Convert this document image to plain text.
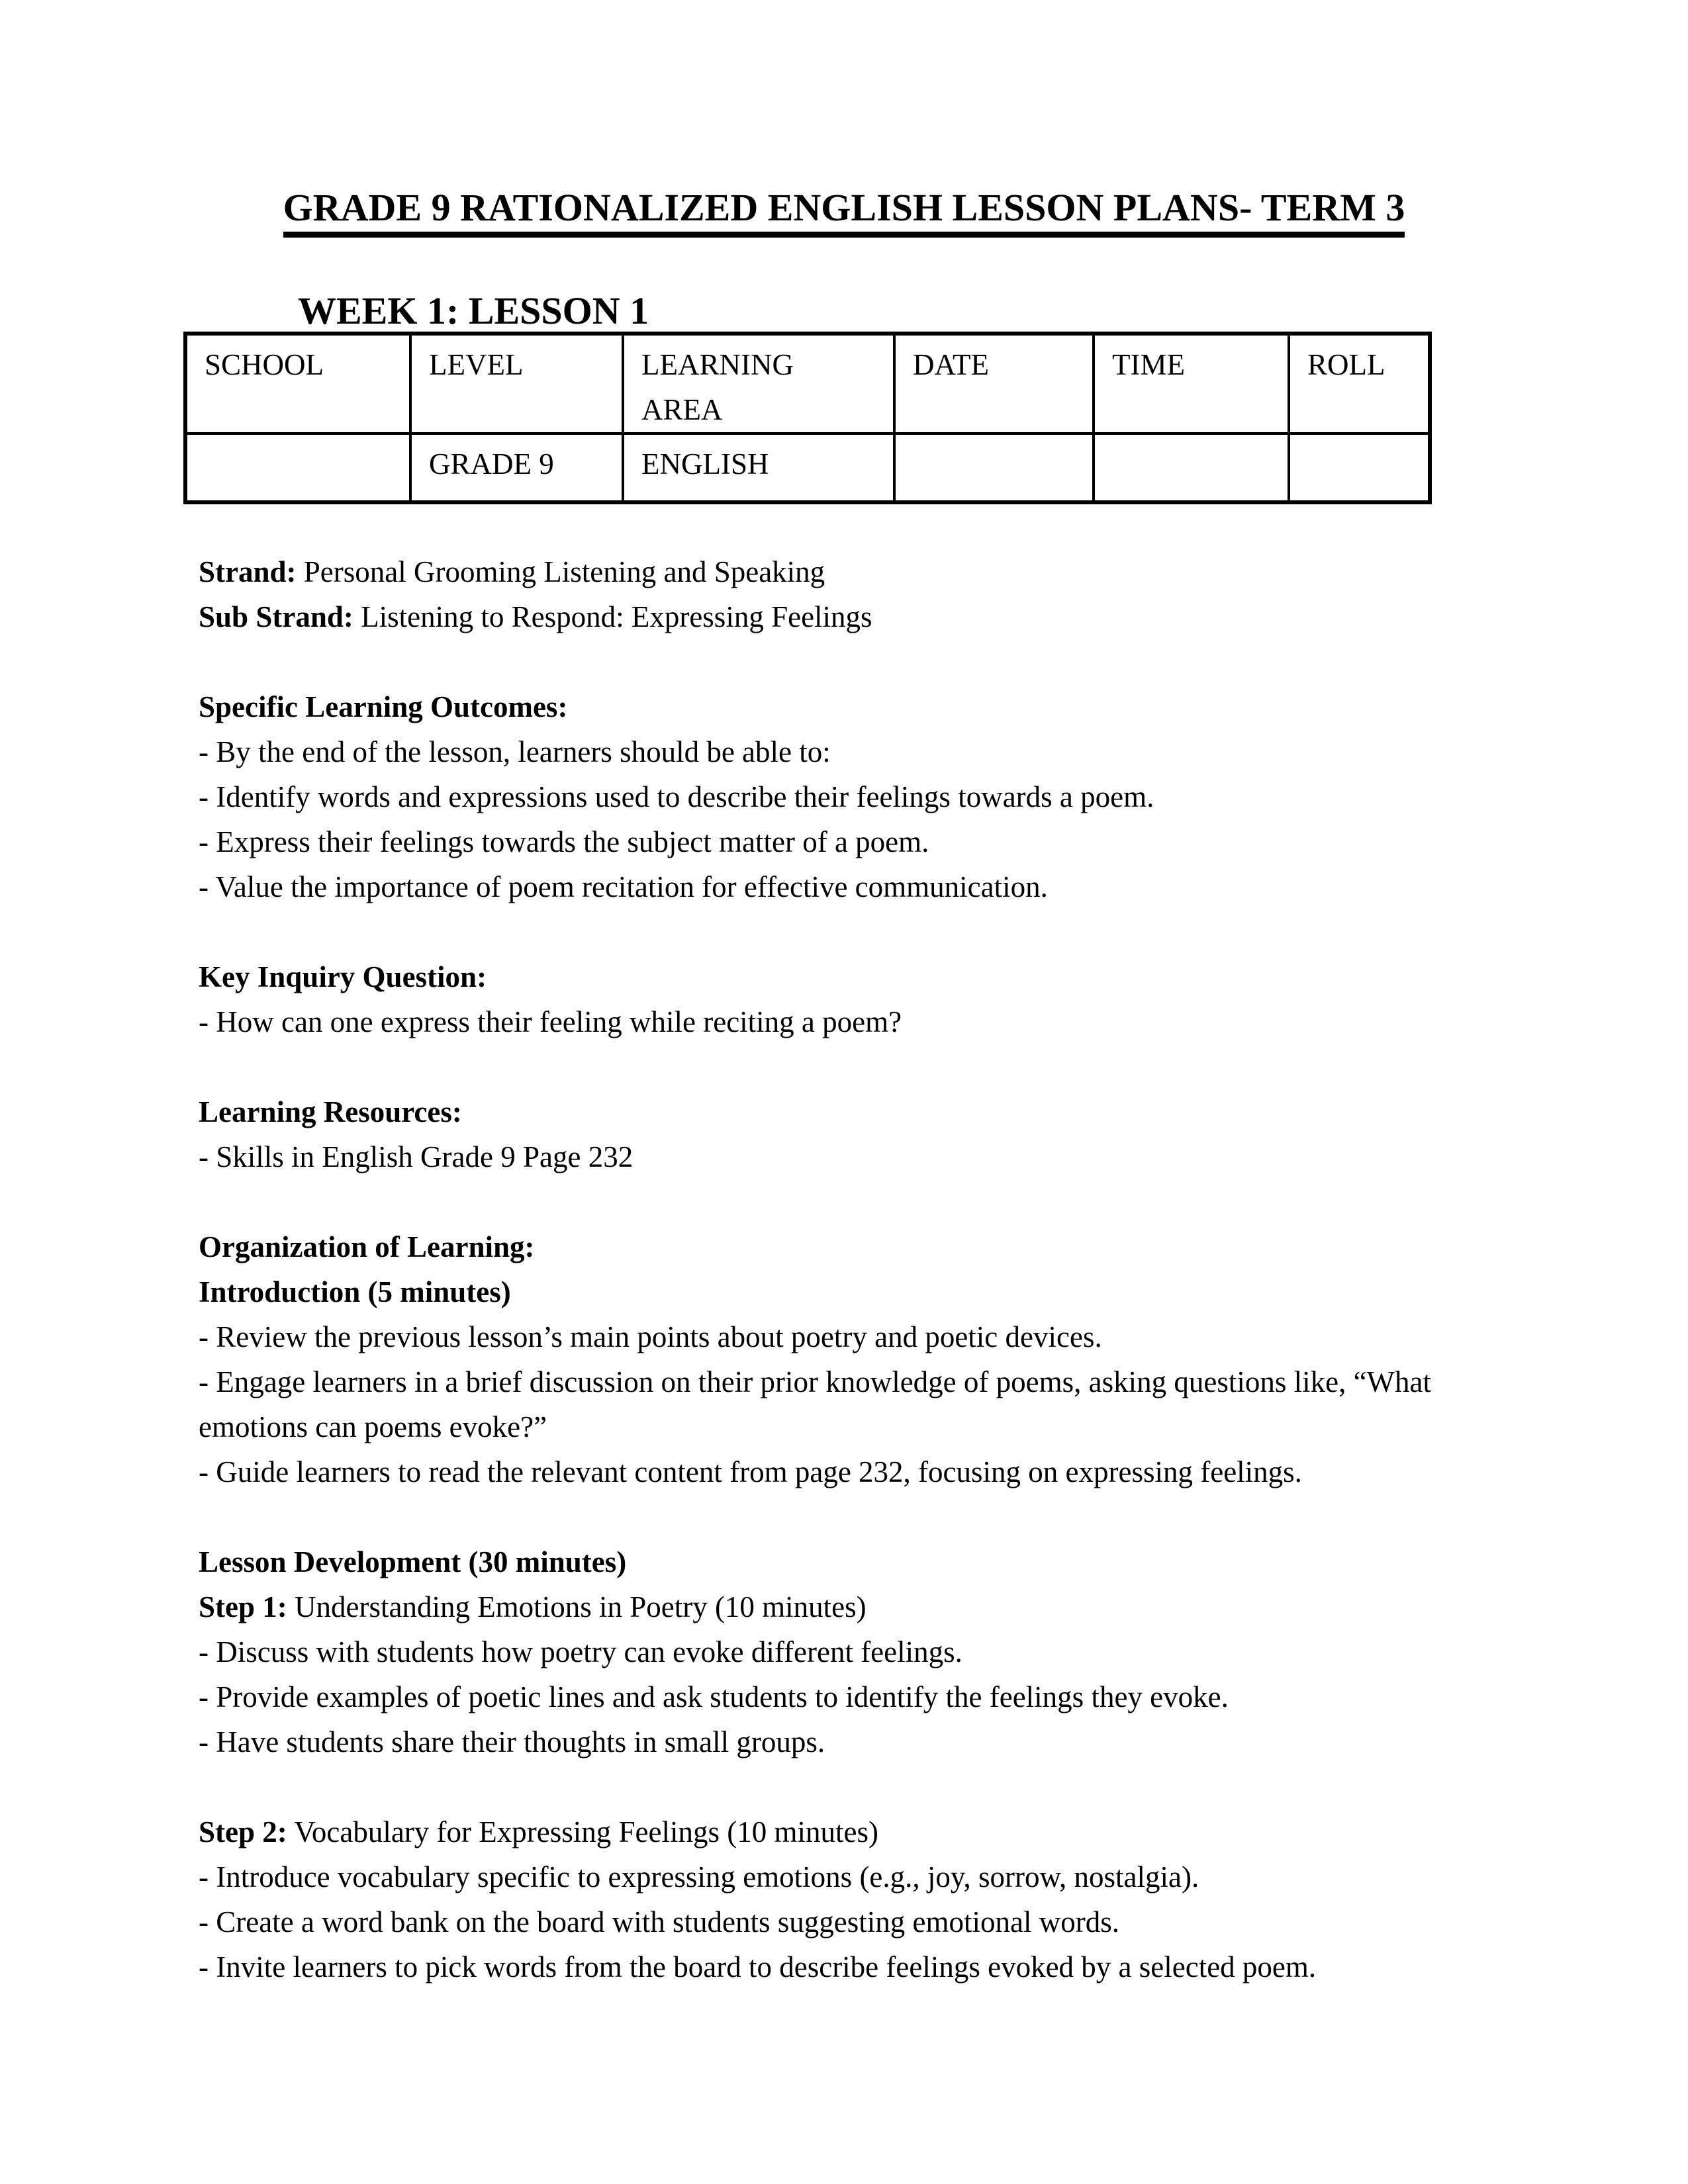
GRADE 9 RATIONALIZED ENGLISH LESSON PLANS- TERM 3
WEEK 1: LESSON 1
SCHOOL	LEVEL	LEARNING AREA	DATE	TIME	ROLL
	GRADE 9	ENGLISH			

Strand: Personal Grooming Listening and Speaking

Sub Strand: Listening to Respond: Expressing Feelings

Specific Learning Outcomes:

- By the end of the lesson, learners should be able to:

- Identify words and expressions used to describe their feelings towards a poem.

- Express their feelings towards the subject matter of a poem.

- Value the importance of poem recitation for effective communication.

Key Inquiry Question:

- How can one express their feeling while reciting a poem?

Learning Resources:

- Skills in English Grade 9 Page 232

Organization of Learning:

Introduction (5 minutes)

- Review the previous lesson’s main points about poetry and poetic devices.

- Engage learners in a brief discussion on their prior knowledge of poems, asking questions like, “What emotions can poems evoke?”

- Guide learners to read the relevant content from page 232, focusing on expressing feelings.

Lesson Development (30 minutes)

Step 1: Understanding Emotions in Poetry (10 minutes)

- Discuss with students how poetry can evoke different feelings.

- Provide examples of poetic lines and ask students to identify the feelings they evoke.

- Have students share their thoughts in small groups.

Step 2: Vocabulary for Expressing Feelings (10 minutes)

- Introduce vocabulary specific to expressing emotions (e.g., joy, sorrow, nostalgia).

- Create a word bank on the board with students suggesting emotional words.

- Invite learners to pick words from the board to describe feelings evoked by a selected poem.
